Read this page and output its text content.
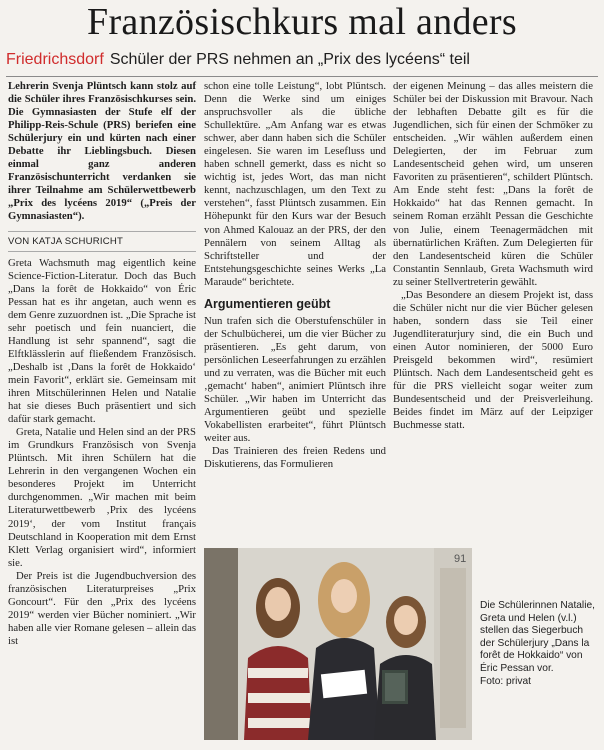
Französischkurs mal anders
Friedrichsdorf Schüler der PRS nehmen an „Prix des lycéens“ teil

Lehrerin Svenja Plüntsch kann stolz auf die Schüler ihres Französischkurses sein. Die Gymnasiasten der Stufe elf der Philipp-Reis-Schule (PRS) beriefen eine Schülerjury ein und kürten nach einer Debatte ihr Lieblingsbuch. Diesen einmal ganz anderen Französischunterricht verdanken sie ihrer Teilnahme am Schülerwettbewerb „Prix des lycéens 2019“ („Preis der Gymnasiasten“).

VON KATJA SCHURICHT

Greta Wachsmuth mag eigentlich keine Science-Fiction-Literatur. Doch das Buch „Dans la forêt de Hokkaido“ von Éric Pessan hat es ihr angetan, auch wenn es dem Genre zuzuordnen ist. „Die Sprache ist sehr poetisch und fein nuanciert, die Handlung ist sehr spannend“, sagt die Elftklässlerin auf fließendem Französisch. „Deshalb ist ‚Dans la forêt de Hokkaido‘ mein Favorit“, erklärt sie. Gemeinsam mit ihren Mitschülerinnen Helen und Natalie hat sie dieses Buch präsentiert und sich dafür stark gemacht.

Greta, Natalie und Helen sind an der PRS im Grundkurs Französisch von Svenja Plüntsch. Mit ihren Schülern hat die Lehrerin in den vergangenen Wochen ein besonderes Projekt im Unterricht durchgenommen. „Wir machen mit beim Literaturwettbewerb ‚Prix des lycéens 2019‘, der vom Institut français Deutschland in Kooperation mit dem Ernst Klett Verlag organisiert wird“, informiert sie.

Der Preis ist die Jugendbuchversion des französischen Literaturpreises „Prix Goncourt“. Für den „Prix des lycéens 2019“ werden vier Bücher nominiert. „Wir haben alle vier Romane gelesen – allein das ist

schon eine tolle Leistung“, lobt Plüntsch. Denn die Werke sind um einiges anspruchsvoller als die übliche Schullektüre. „Am Anfang war es etwas schwer, aber dann haben sich die Schüler eingelesen. Sie waren im Lesefluss und haben schnell gemerkt, dass es nicht so wichtig ist, jedes Wort, das man nicht kennt, nachzuschlagen, um den Text zu verstehen“, fasst Plüntsch zusammen. Ein Höhepunkt für den Kurs war der Besuch von Ahmed Kalouaz an der PRS, der den Pennälern von seinem Alltag als Schriftsteller und der Entstehungsgeschichte seines Werks „La Maraude“ berichtete.

Argumentieren geübt

Nun trafen sich die Oberstufenschüler in der Schulbücherei, um die vier Bücher zu präsentieren. „Es geht darum, von persönlichen Leseerfahrungen zu erzählen und zu verraten, was die Bücher mit euch ‚gemacht‘ haben“, animiert Plüntsch ihre Schüler. „Wir haben im Unterricht das Argumentieren geübt und spezielle Vokabellisten erarbeitet“, führt Plüntsch weiter aus.

Das Trainieren des freien Redens und Diskutierens, das Formulieren

der eigenen Meinung – das alles meistern die Schüler bei der Diskussion mit Bravour. Nach der lebhaften Debatte gilt es für die Jugendlichen, sich für einen der Schmöker zu entscheiden. „Wir wählen außerdem einen Delegierten, der im Februar zum Landesentscheid gehen wird, um unseren Favoriten zu präsentieren“, schildert Plüntsch. Am Ende steht fest: „Dans la forêt de Hokkaido“ hat das Rennen gemacht. In seinem Roman erzählt Pessan die Geschichte von Julie, einem Teenagermädchen mit übernatürlichen Kräften. Zum Delegierten für den Landesentscheid küren die Schüler Constantin Sennlaub, Greta Wachsmuth wird zu seiner Stellvertreterin gewählt.

„Das Besondere an diesem Projekt ist, dass die Schüler nicht nur die vier Bücher gelesen haben, sondern dass sie Teil einer Jugendliteraturjury sind, die ein Buch und einen Autor nominieren, der 5000 Euro Preisgeld bekommen wird“, resümiert Plüntsch. Nach dem Landesentscheid geht es für die PRS vielleicht sogar weiter zum Bundesentscheid und der Preisverleihung. Beides findet im März auf der Leipziger Buchmesse statt.

91
Die Schülerinnen Natalie, Greta und Helen (v.l.) stellen das Siegerbuch der Schülerjury „Dans la forêt de Hokkaido“ von Éric Pessan vor. Foto: privat
